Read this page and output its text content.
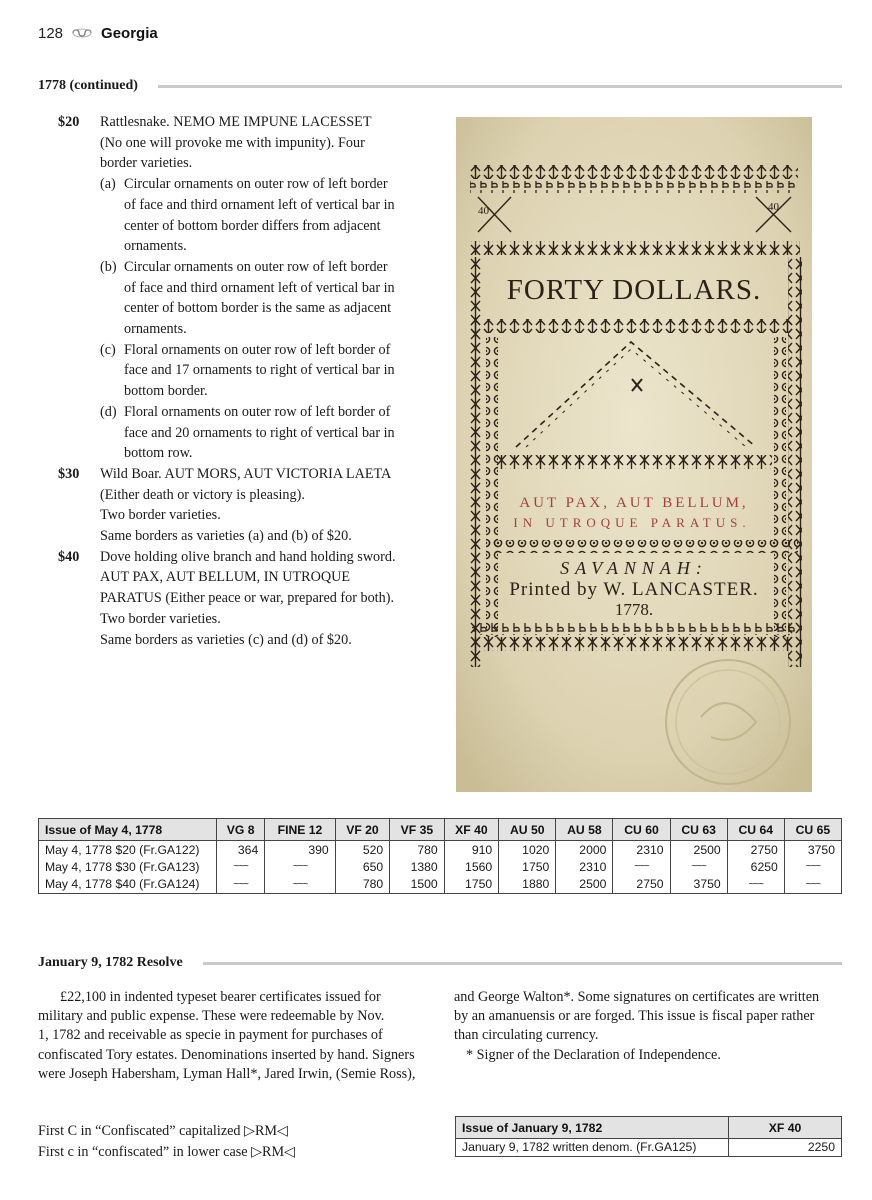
128	Georgia
1778 (continued)
$20	Rattlesnake. NEMO ME IMPUNE LACESSET
(No one will provoke me with impunity). Four
border varieties.
(a) Circular ornaments on outer row of left border
of face and third ornament left of vertical bar in
center of bottom border differs from adjacent
ornaments.
(b) Circular ornaments on outer row of left border
of face and third ornament left of vertical bar in
center of bottom border is the same as adjacent
ornaments.
(c) Floral ornaments on outer row of left border of
face and 17 ornaments to right of vertical bar in
bottom border.
(d) Floral ornaments on outer row of left border of
face and 20 ornaments to right of vertical bar in
bottom row.
$30	Wild Boar. AUT MORS, AUT VICTORIA LAETA
(Either death or victory is pleasing).
Two border varieties.
Same borders as varieties (a) and (b) of $20.
$40	Dove holding olive branch and hand holding sword.
AUT PAX, AUT BELLUM, IN UTROQUE
PARATUS (Either peace or war, prepared for both).
Two border varieties.
Same borders as varieties (c) and (d) of $20.
40	40
FORTY DOLLARS.
AUT PAX, AUT BELLUM,
IN UTROQUE PARATUS.
SAVANNAH:
Printed by W. LANCASTER.
1778.
Issue of May 4, 1778	VG 8	FINE 12	VF 20	VF 35	XF 40	AU 50	AU 58	CU 60	CU 63	CU 64	CU 65
May 4, 1778 $20 (Fr.GA122)	364	390	520	780	910	1020	2000	2310	2500	2750	3750
May 4, 1778 $30 (Fr.GA123)	~~~	~~~	650	1380	1560	1750	2310	~~~	~~~	6250	~~~
May 4, 1778 $40 (Fr.GA124)	~~~	~~~	780	1500	1750	1880	2500	2750	3750	~~~	~~~
January 9, 1782 Resolve
£22,100 in indented typeset bearer certificates issued for
military and public expense. These were redeemable by Nov.
1, 1782 and receivable as specie in payment for purchases of
confiscated Tory estates. Denominations inserted by hand. Signers
were Joseph Habersham, Lyman Hall*, Jared Irwin, (Semie Ross),
and George Walton*. Some signatures on certificates are written
by an amanuensis or are forged. This issue is fiscal paper rather
than circulating currency.
* Signer of the Declaration of Independence.
First C in “Confiscated” capitalized ▷RM◁
First c in “confiscated” in lower case ▷RM◁
Issue of January 9, 1782	XF 40
January 9, 1782 written denom. (Fr.GA125)	2250
